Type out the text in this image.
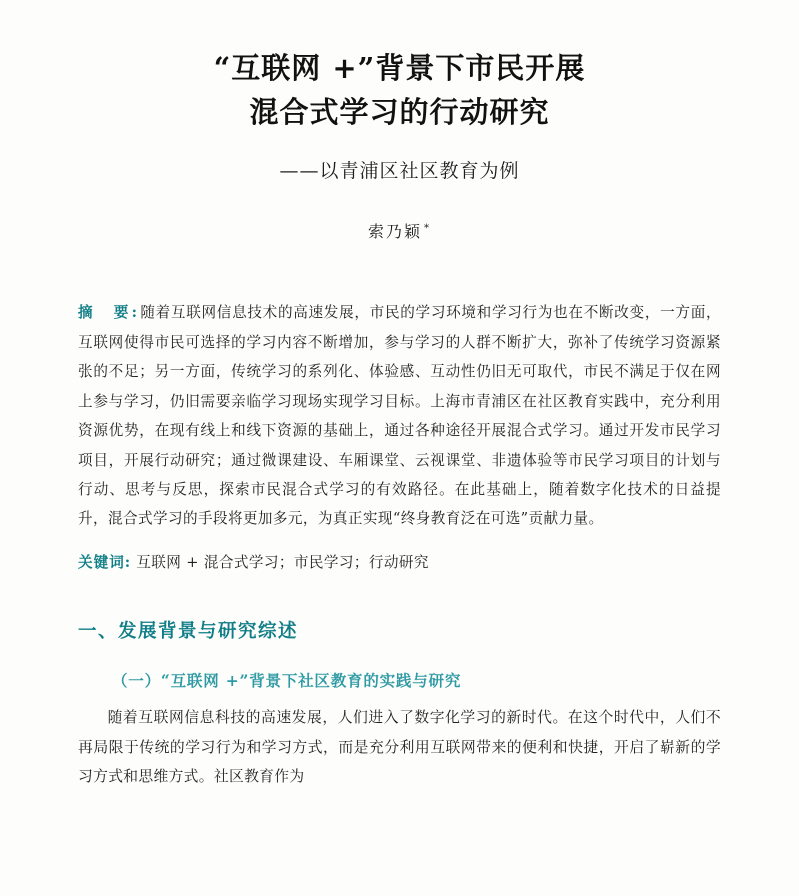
“互联网 +”背景下市民开展
混合式学习的行动研究
——以青浦区社区教育为例
索乃颖 *
摘　要:随着互联网信息技术的高速发展，市民的学习环境和学习行为也在不断改变，一方面，互联网使得市民可选择的学习内容不断增加，参与学习的人群不断扩大，弥补了传统学习资源紧张的不足；另一方面，传统学习的系列化、体验感、互动性仍旧无可取代，市民不满足于仅在网上参与学习，仍旧需要亲临学习现场实现学习目标。上海市青浦区在社区教育实践中，充分利用资源优势，在现有线上和线下资源的基础上，通过各种途径开展混合式学习。通过开发市民学习项目，开展行动研究；通过微课建设、车厢课堂、云视课堂、非遗体验等市民学习项目的计划与行动、思考与反思，探索市民混合式学习的有效路径。在此基础上，随着数字化技术的日益提升，混合式学习的手段将更加多元，为真正实现“终身教育泛在可选”贡献力量。
关键词: 互联网 + 混合式学习；市民学习；行动研究
一、发展背景与研究综述
（一）“互联网 +”背景下社区教育的实践与研究
随着互联网信息科技的高速发展，人们进入了数字化学习的新时代。在这个时代中，人们不再局限于传统的学习行为和学习方式，而是充分利用互联网带来的便利和快捷，开启了崭新的学习方式和思维方式。社区教育作为
